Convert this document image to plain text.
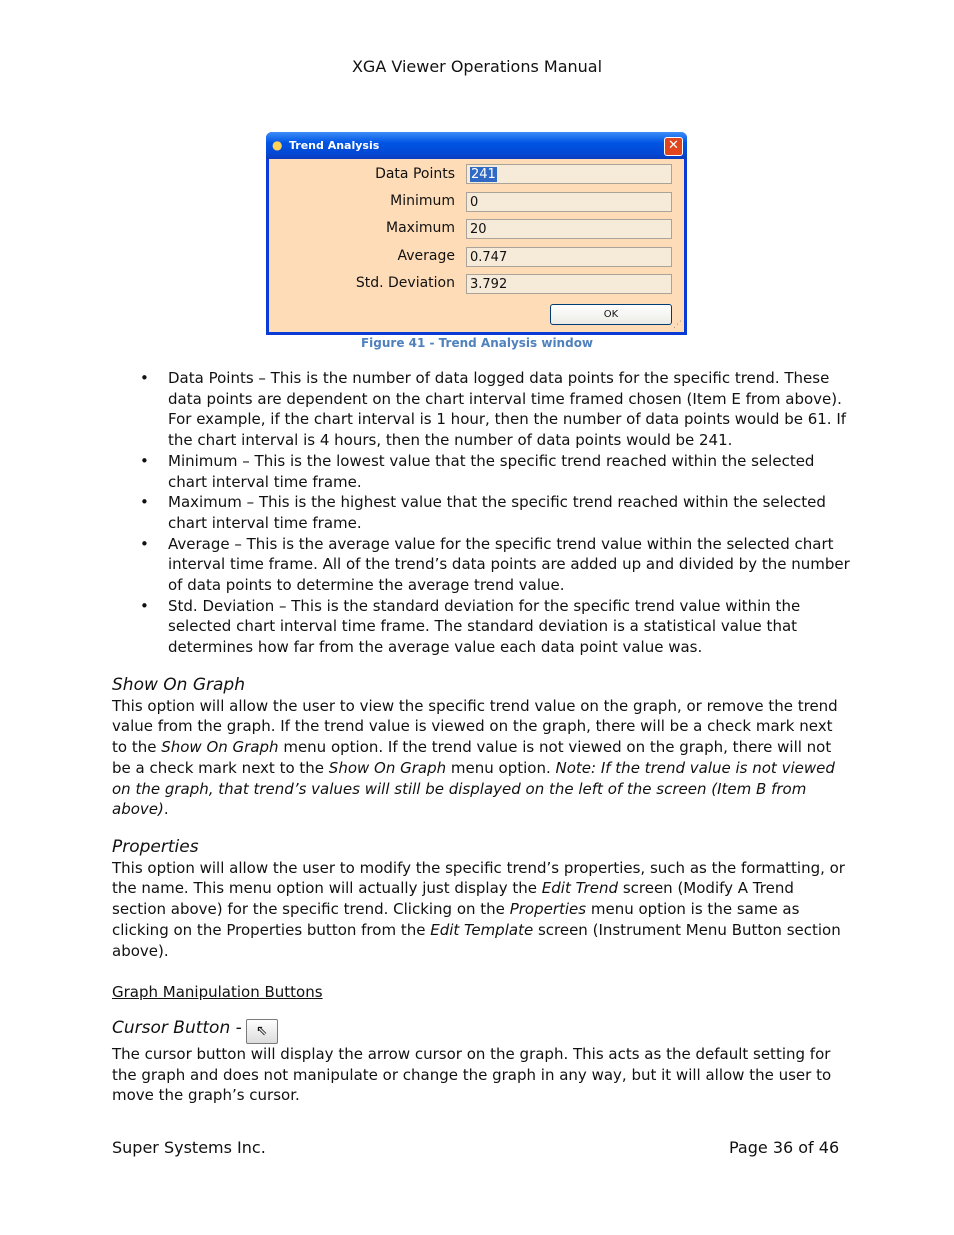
XGA Viewer Operations Manual
● Trend Analysis	✕
Data Points	241
Minimum	0
Maximum	20
Average	0.747
Std. Deviation	3.792
OK
⋰
Figure 41 - Trend Analysis window
• Data Points – This is the number of data logged data points for the specific trend. These data points are dependent on the chart interval time framed chosen (Item E from above). For example, if the chart interval is 1 hour, then the number of data points would be 61. If the chart interval is 4 hours, then the number of data points would be 241.
• Minimum – This is the lowest value that the specific trend reached within the selected chart interval time frame.
• Maximum – This is the highest value that the specific trend reached within the selected chart interval time frame.
• Average – This is the average value for the specific trend value within the selected chart interval time frame. All of the trend’s data points are added up and divided by the number of data points to determine the average trend value.
• Std. Deviation – This is the standard deviation for the specific trend value within the selected chart interval time frame. The standard deviation is a statistical value that determines how far from the average value each data point value was.
Show On Graph
This option will allow the user to view the specific trend value on the graph, or remove the trend value from the graph. If the trend value is viewed on the graph, there will be a check mark next to the Show On Graph menu option. If the trend value is not viewed on the graph, there will not be a check mark next to the Show On Graph menu option. Note: If the trend value is not viewed on the graph, that trend’s values will still be displayed on the left of the screen (Item B from above).
Properties
This option will allow the user to modify the specific trend’s properties, such as the formatting, or the name. This menu option will actually just display the Edit Trend screen (Modify A Trend section above) for the specific trend. Clicking on the Properties menu option is the same as clicking on the Properties button from the Edit Template screen (Instrument Menu Button section above).
Graph Manipulation Buttons
Cursor Button - ⇖
The cursor button will display the arrow cursor on the graph. This acts as the default setting for the graph and does not manipulate or change the graph in any way, but it will allow the user to move the graph’s cursor.
Super Systems Inc.	Page 36 of 46
